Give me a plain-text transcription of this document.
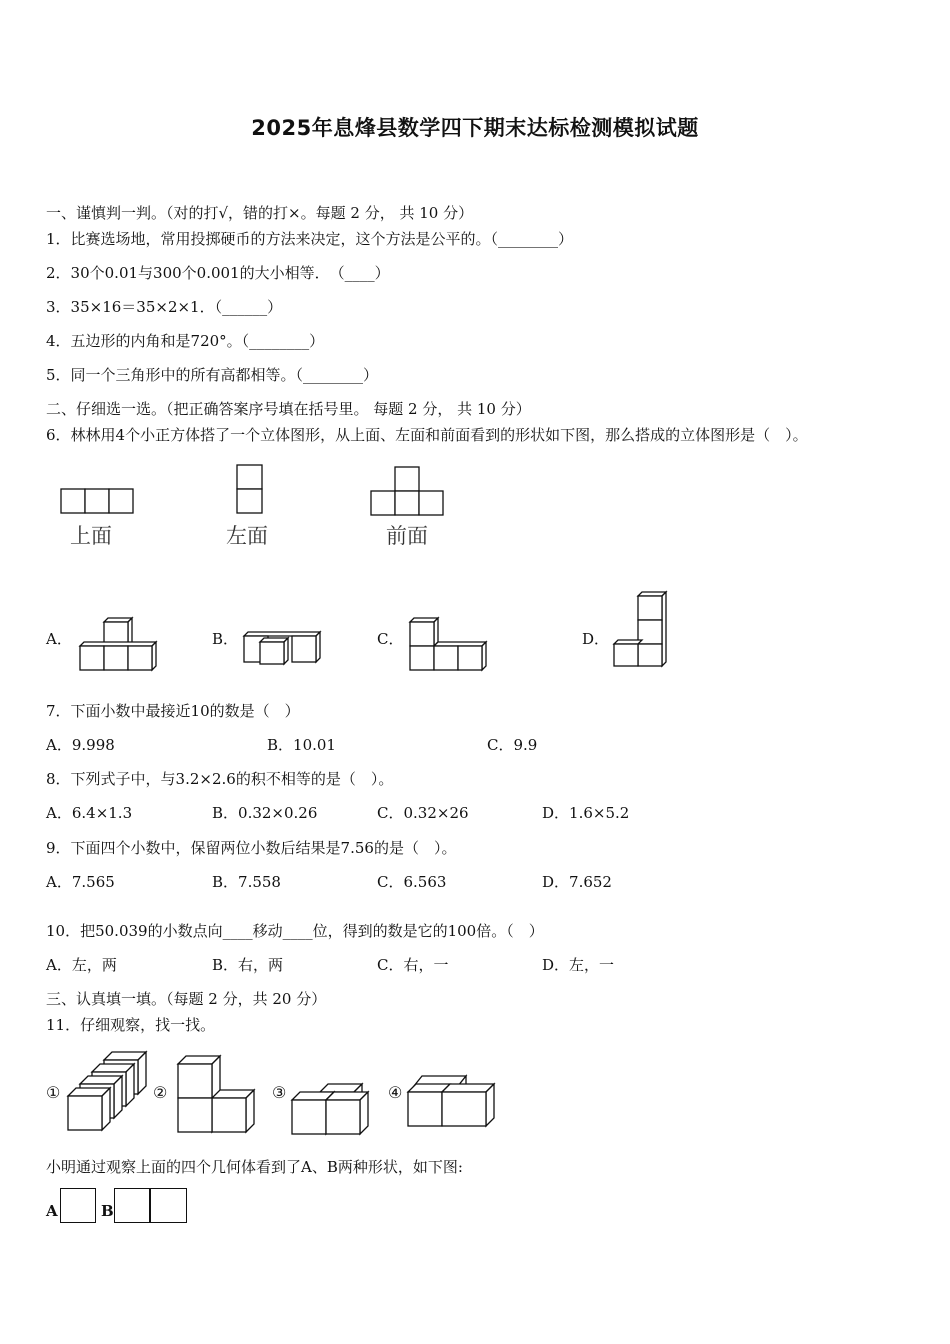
2025年息烽县数学四下期末达标检测模拟试题
一、谨慎判一判。（对的打√，错的打×。每题 2 分， 共 10 分）
1．比赛选场地，常用投掷硬币的方法来决定，这个方法是公平的。（________）
2．30个0.01与300个0.001的大小相等．　（____）
3．35×16＝35×2×1．（______）
4．五边形的内角和是720°。（________）
5．同一个三角形中的所有高都相等。（________）
二、仔细选一选。（把正确答案序号填在括号里。 每题 2 分， 共 10 分）
6．林林用4个小正方体搭了一个立体图形，从上面、左面和前面看到的形状如下图，那么搭成的立体图形是（　）。
上面	左面	前面
A．	B．	C．	D．
7．下面小数中最接近10的数是（　）
A．9.998	B．10.01	C．9.9
8．下列式子中，与3.2×2.6的积不相等的是（　）。
A．6.4×1.3	B．0.32×0.26	C．0.32×26	D．1.6×5.2
9．下面四个小数中，保留两位小数后结果是7.56的是（　）。
A．7.565	B．7.558	C．6.563	D．7.652
10．把50.039的小数点向____移动____位，得到的数是它的100倍。（　）
A．左，两	B．右，两	C．右，一	D．左，一
三、认真填一填。（每题 2 分，共 20 分）
11．仔细观察，找一找。
①	②	③	④
小明通过观察上面的四个几何体看到了A、B两种形状，如下图:
A	B
